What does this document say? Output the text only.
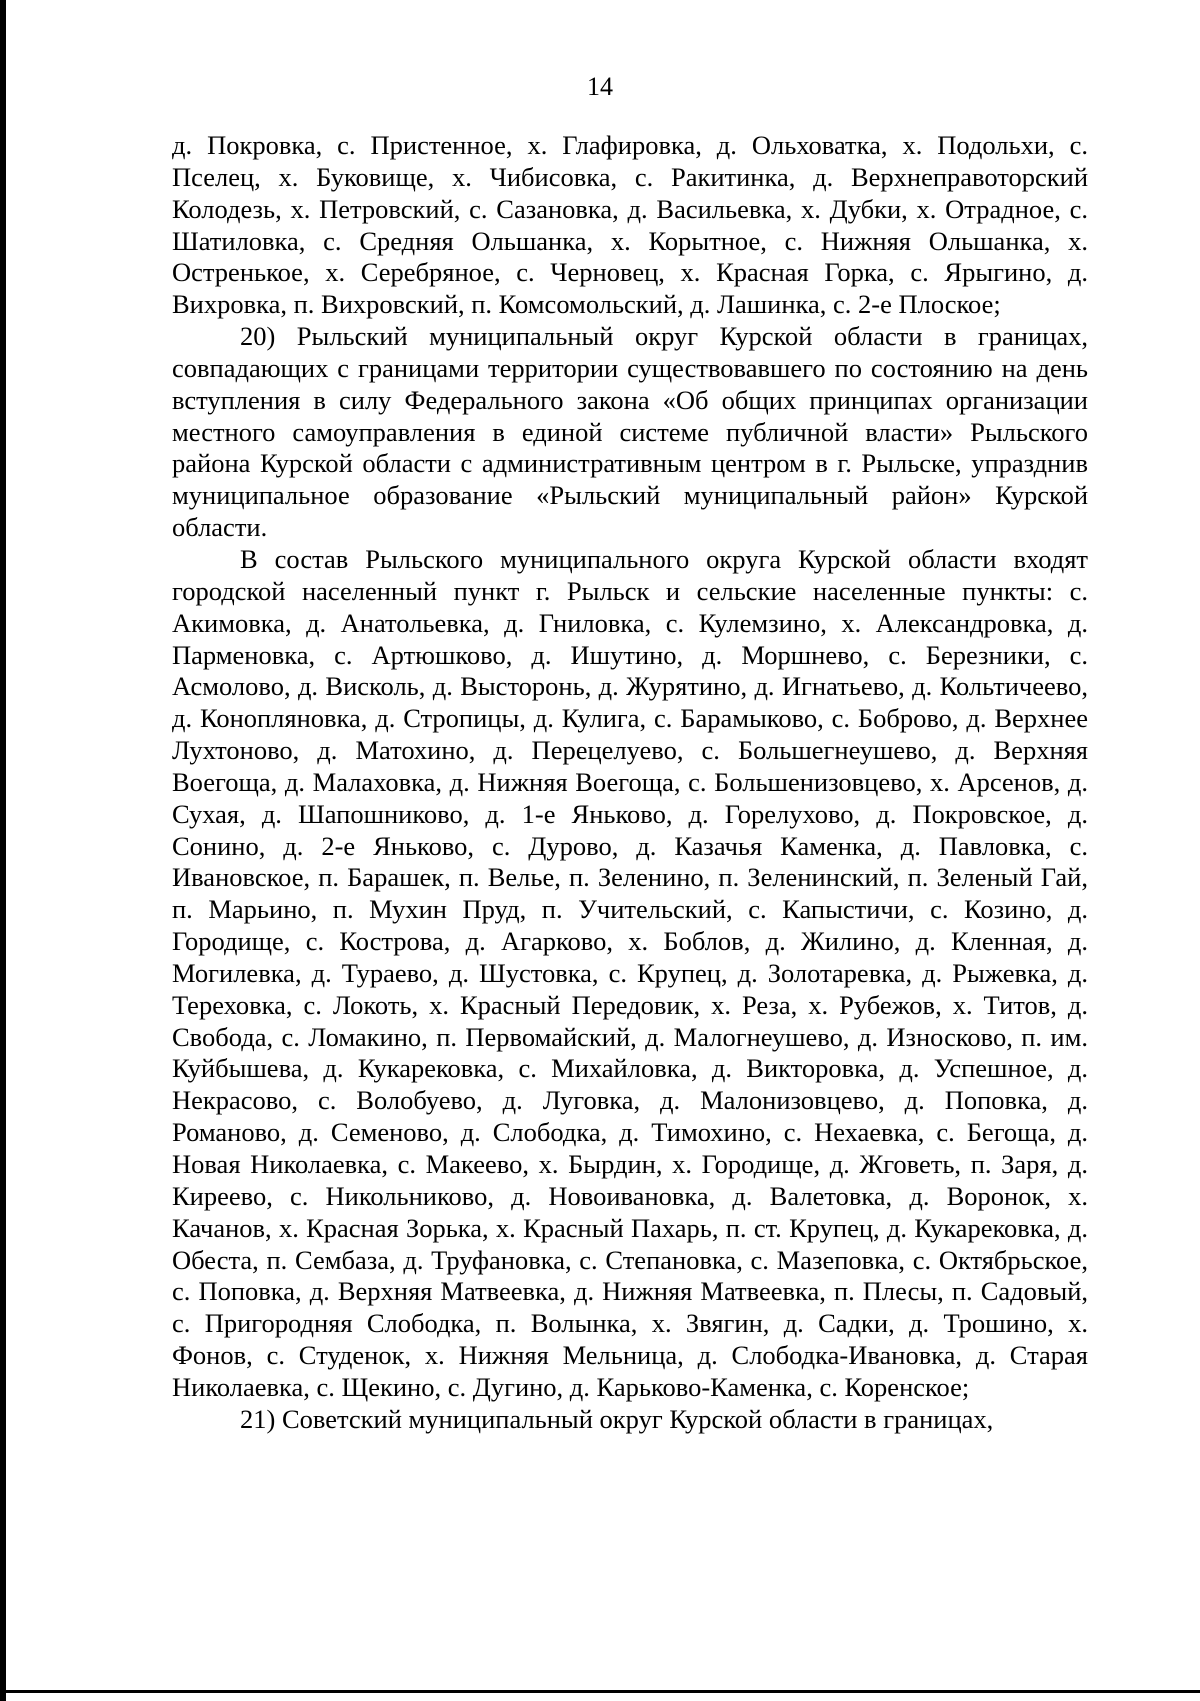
14

д. Покровка, с. Пристенное, х. Глафировка, д. Ольховатка, х. Подольхи, с. Пселец, х. Буковище, х. Чибисовка, с. Ракитинка, д. Верхнеправоторский Колодезь, х. Петровский, с. Сазановка, д. Васильевка, х. Дубки, х. Отрадное, с. Шатиловка, с. Средняя Ольшанка, х. Корытное, с. Нижняя Ольшанка, х. Остренькое, х. Серебряное, с. Черновец, х. Красная Горка, с. Ярыгино, д. Вихровка, п. Вихровский, п. Комсомольский, д. Лашинка, с. 2-е Плоское;

20) Рыльский муниципальный округ Курской области в границах, совпадающих с границами территории существовавшего по состоянию на день вступления в силу Федерального закона «Об общих принципах организации местного самоуправления в единой системе публичной власти» Рыльского района Курской области с административным центром в г. Рыльске, упразднив муниципальное образование «Рыльский муниципальный район» Курской области.

В состав Рыльского муниципального округа Курской области входят городской населенный пункт г. Рыльск и сельские населенные пункты: с. Акимовка, д. Анатольевка, д. Гниловка, с. Кулемзино, х. Александровка, д. Парменовка, с. Артюшково, д. Ишутино, д. Моршнево, с. Березники, с. Асмолово, д. Висколь, д. Высторонь, д. Журятино, д. Игнатьево, д. Кольтичеево, д. Конопляновка, д. Стропицы, д. Кулига, с. Барамыково, с. Боброво, д. Верхнее Лухтоново, д. Матохино, д. Перецелуево, с. Большегнеушево, д. Верхняя Воегоща, д. Малаховка, д. Нижняя Воегоща, с. Большенизовцево, х. Арсенов, д. Сухая, д. Шапошниково, д. 1-е Яньково, д. Горелухово, д. Покровское, д. Сонино, д. 2-е Яньково, с. Дурово, д. Казачья Каменка, д. Павловка, с. Ивановское, п. Барашек, п. Велье, п. Зеленино, п. Зеленинский, п. Зеленый Гай, п. Марьино, п. Мухин Пруд, п. Учительский, с. Капыстичи, с. Козино, д. Городище, с. Кострова, д. Агарково, х. Боблов, д. Жилино, д. Кленная, д. Могилевка, д. Тураево, д. Шустовка, с. Крупец, д. Золотаревка, д. Рыжевка, д. Тереховка, с. Локоть, х. Красный Передовик, х. Реза, х. Рубежов, х. Титов, д. Свобода, с. Ломакино, п. Первомайский, д. Малогнеушево, д. Износково, п. им. Куйбышева, д. Кукарековка, с. Михайловка, д. Викторовка, д. Успешное, д. Некрасово, с. Волобуево, д. Луговка, д. Малонизовцево, д. Поповка, д. Романово, д. Семеново, д. Слободка, д. Тимохино, с. Нехаевка, с. Бегоща, д. Новая Николаевка, с. Макеево, х. Бырдин, х. Городище, д. Жговеть, п. Заря, д. Киреево, с. Никольниково, д. Новоивановка, д. Валетовка, д. Воронок, х. Качанов, х. Красная Зорька, х. Красный Пахарь, п. ст. Крупец, д. Кукарековка, д. Обеста, п. Сембаза, д. Труфановка, с. Степановка, с. Мазеповка, с. Октябрьское, с. Поповка, д. Верхняя Матвеевка, д. Нижняя Матвеевка, п. Плесы, п. Садовый, с. Пригородняя Слободка, п. Волынка, х. Звягин, д. Садки, д. Трошино, х. Фонов, с. Студенок, х. Нижняя Мельница, д. Слободка-Ивановка, д. Старая Николаевка, с. Щекино, с. Дугино, д. Карьково-Каменка, с. Коренское;

21) Советский муниципальный округ Курской области в границах,
